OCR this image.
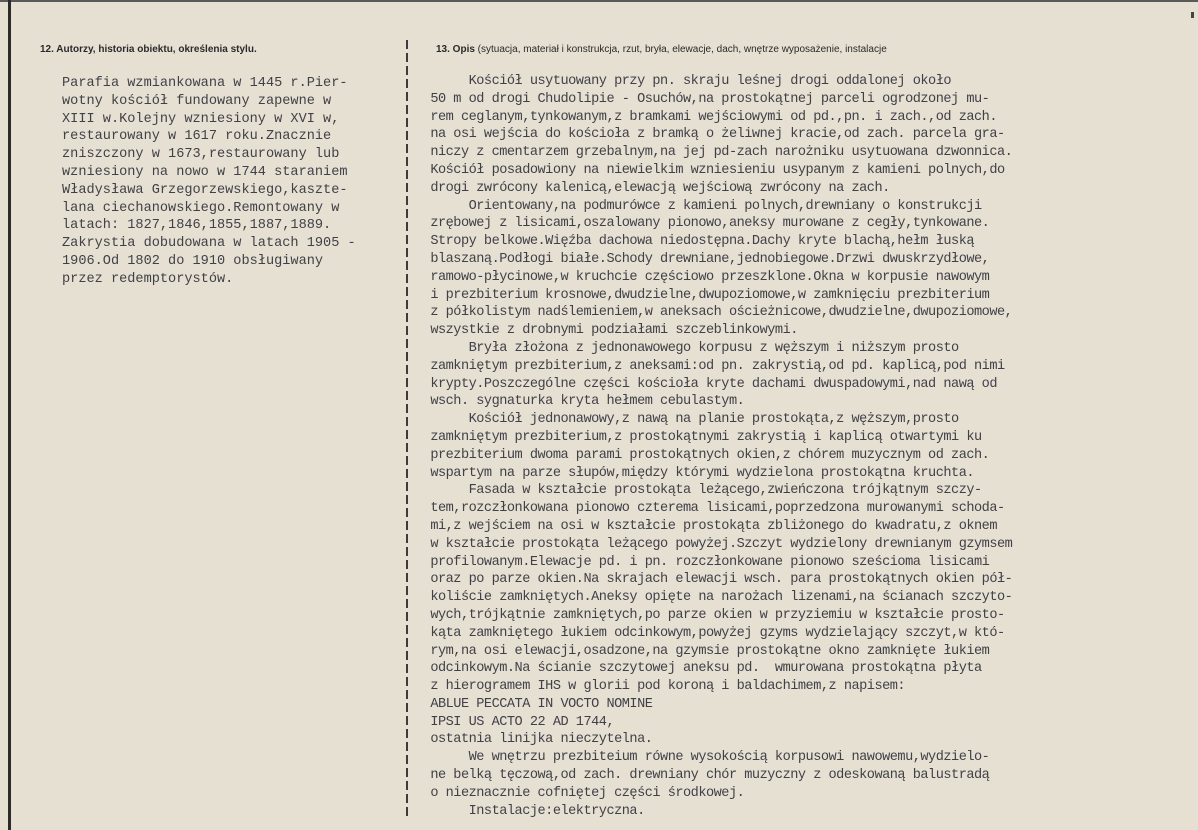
12. Autorzy, historia obiektu, określenia stylu.	13. Opis (sytuacja, materiał i konstrukcja, rzut, bryła, elewacje, dach, wnętrze wyposażenie, instalacje
Parafia wzmiankowana w 1445 r.Pier-
wotny kościół fundowany zapewne w
XIII w.Kolejny wzniesiony w XVI w,
restaurowany w 1617 roku.Znacznie
zniszczony w 1673,restaurowany lub
wzniesiony na nowo w 1744 staraniem
Władysława Grzegorzewskiego,kasztе-
lana ciechanowskiego.Remontowany w
latach: 1827,1846,1855,1887,1889.
Zakrystia dobudowana w latach 1905 -
1906.Od 1802 do 1910 obsługiwany
przez redemptorystów.
Kościół usytuowany przy pn. skraju leśnej drogi oddalonej około
50 m od drogi Chudolipie - Osuchów,na prostokątnej parceli ogrodzonej mu-
rem ceglanym,tynkowanym,z bramkami wejściowymi od pd.,pn. i zach.,od zach.
na osi wejścia do kościoła z bramką o żeliwnej kracie,od zach. parcela gra-
niczy z cmentarzem grzebalnym,na jej pd-zach narożniku usytuowana dzwonnica.
Kościół posadowiony na niewielkim wzniesieniu usypanym z kamieni polnych,do
drogi zwrócony kalenicą,elewacją wejściową zwrócony na zach.
Orientowany,na podmurówce z kamieni polnych,drewniany o konstrukcji
zrębowej z lisicami,oszalowany pionowo,aneksy murowane z cegły,tynkowane.
Stropy belkowe.Więźba dachowa niedostępna.Dachy kryte blachą,hełm łuską
blaszaną.Podłogi białe.Schody drewniane,jednobiegowe.Drzwi dwuskrzydłowe,
ramowo-płycinowe,w kruchcie częściowo przeszklone.Okna w korpusie nawowym
i prezbiterium krosnowe,dwudzielne,dwupoziomowe,w zamknięciu prezbiterium
z półkolistym nadślemieniem,w aneksach ościeżnicowe,dwudzielne,dwupoziomowe,
wszystkie z drobnymi podziałami szczeblinkowymi.
Bryła złożona z jednonawowego korpusu z węższym i niższym prosto
zamkniętym prezbiterium,z aneksami:od pn. zakrystią,od pd. kaplicą,pod nimi
krypty.Poszczególne części kościoła kryte dachami dwuspadowymi,nad nawą od
wsch. sygnaturka kryta hełmem cebulastym.
Kościół jednonawowy,z nawą na planie prostokąta,z węższym,prosto
zamkniętym prezbiterium,z prostokątnymi zakrystią i kaplicą otwartymi ku
prezbiterium dwoma parami prostokątnych okien,z chórem muzycznym od zach.
wspartym na parze słupów,między którymi wydzielona prostokątna kruchta.
Fasada w kształcie prostokąta leżącego,zwieńczona trójkątnym szczy-
tem,rozczłonkowana pionowo czterema lisicami,poprzedzona murowanymi schoda-
mi,z wejściem na osi w kształcie prostokąta zbliżonego do kwadratu,z oknem
w kształcie prostokąta leżącego powyżej.Szczyt wydzielony drewnianym gzymsem
profilowanym.Elewacje pd. i pn. rozczłonkowane pionowo sześcioma lisicami
oraz po parze okien.Na skrajach elewacji wsch. para prostokątnych okien pół-
koliście zamkniętych.Aneksy opięte na narożach lizenami,na ścianach szczyto-
wych,trójkątnie zamkniętych,po parze okien w przyziemiu w kształcie prosto-
kąta zamkniętego łukiem odcinkowym,powyżej gzyms wydzielający szczyt,w któ-
rym,na osi elewacji,osadzone,na gzymsie prostokątne okno zamknięte łukiem
odcinkowym.Na ścianie szczytowej aneksu pd.  wmurowana prostokątna płyta
z hierogramem IHS w glorii pod koroną i baldachimem,z napisem:
ABLUE PECCATA IN VOCTO NOMINE
IPSI US ACTO 22 AD 1744,
ostatnia linijka nieczytelna.
We wnętrzu prezbiteium równe wysokością korpusowi nawowemu,wydzielo-
ne belką tęczową,od zach. drewniany chór muzyczny z odeskowaną balustradą
o nieznacznie cofniętej części środkowej.
Instalacje:elektryczna.
